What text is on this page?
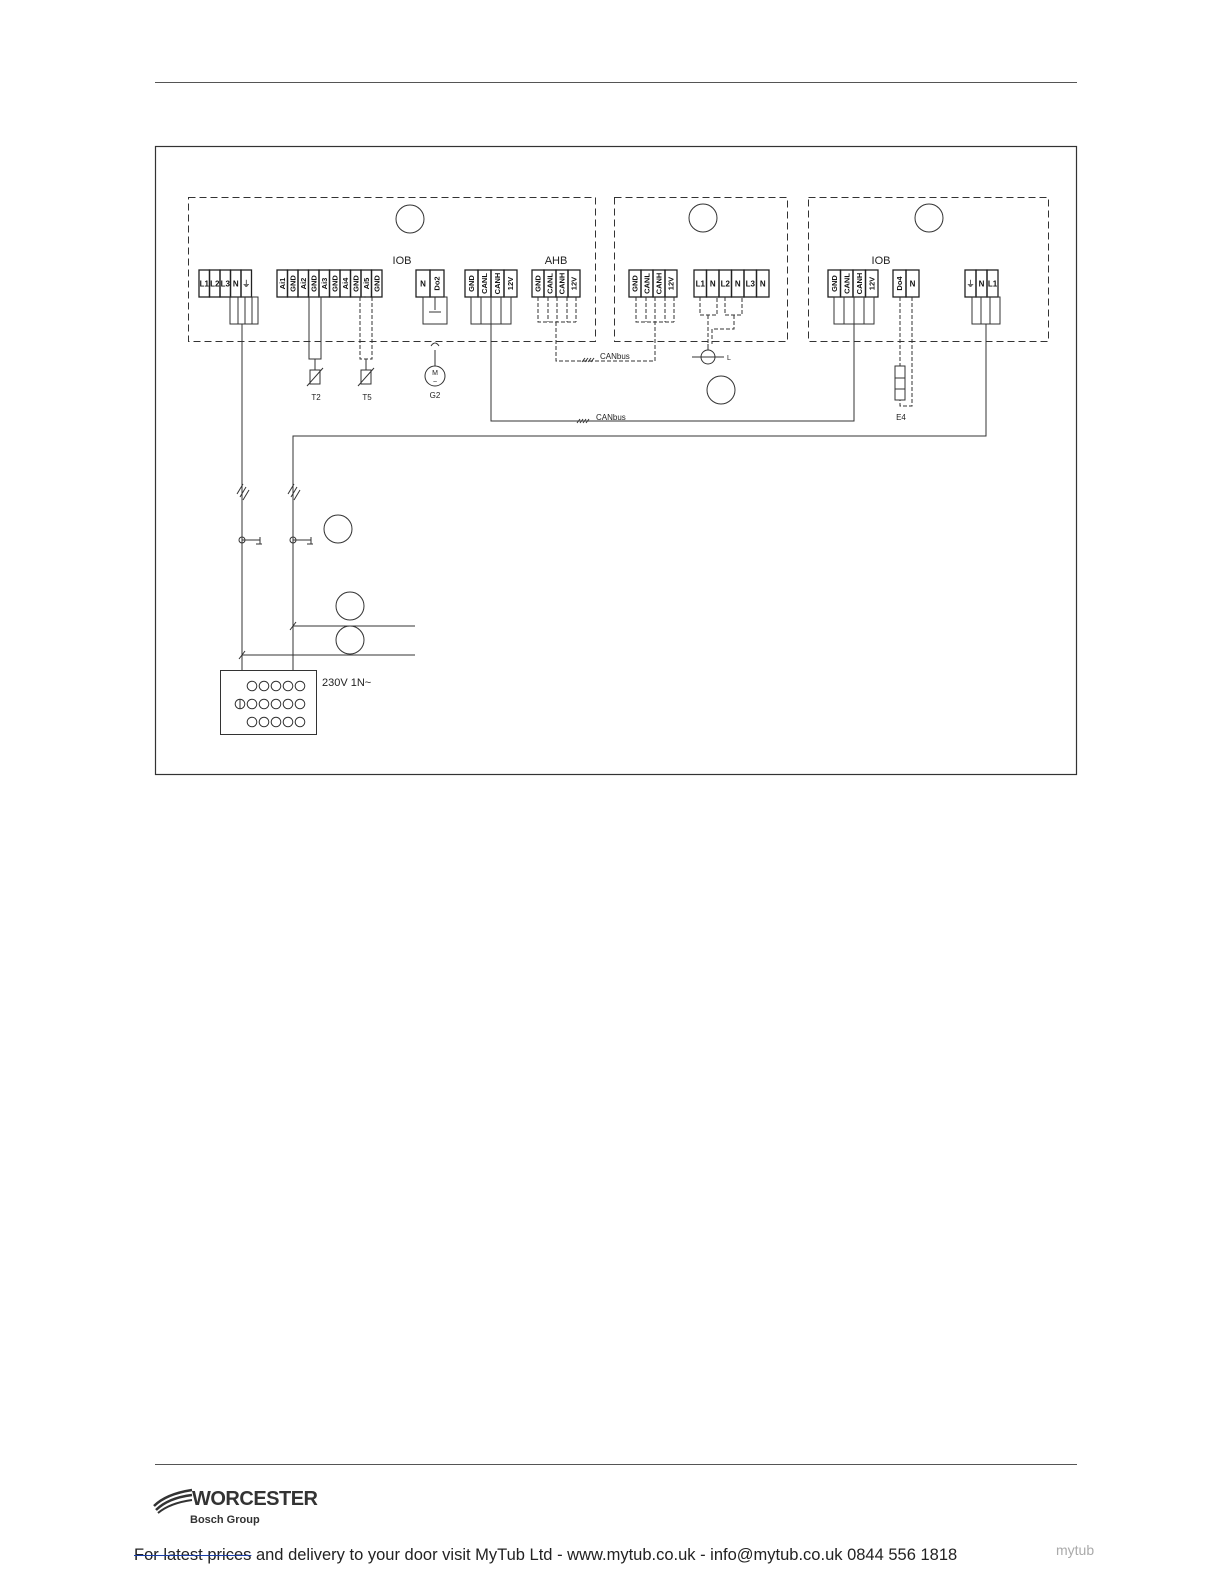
IOB	AHB	IOB
L1 L2 L3 N ⏚	Ai1 GND Ai2 GND Ai3 GND Ai4 GND Ai5 GND	N Do2	GND CANL CANH 12V GND CANL CANH 12V	GND CANL CANH 12V	L1 N L2 N L3 N	GND CANL CANH 12V	Do4 N	⏚ N L1
T2	T5
M
~
G2
CANbus	L
E4
CANbus
230V 1N~
WORCESTER
Bosch Group
For latest prices and delivery to your door visit MyTub Ltd - www.mytub.co.uk - info@mytub.co.uk 0844 556 1818	mytub
